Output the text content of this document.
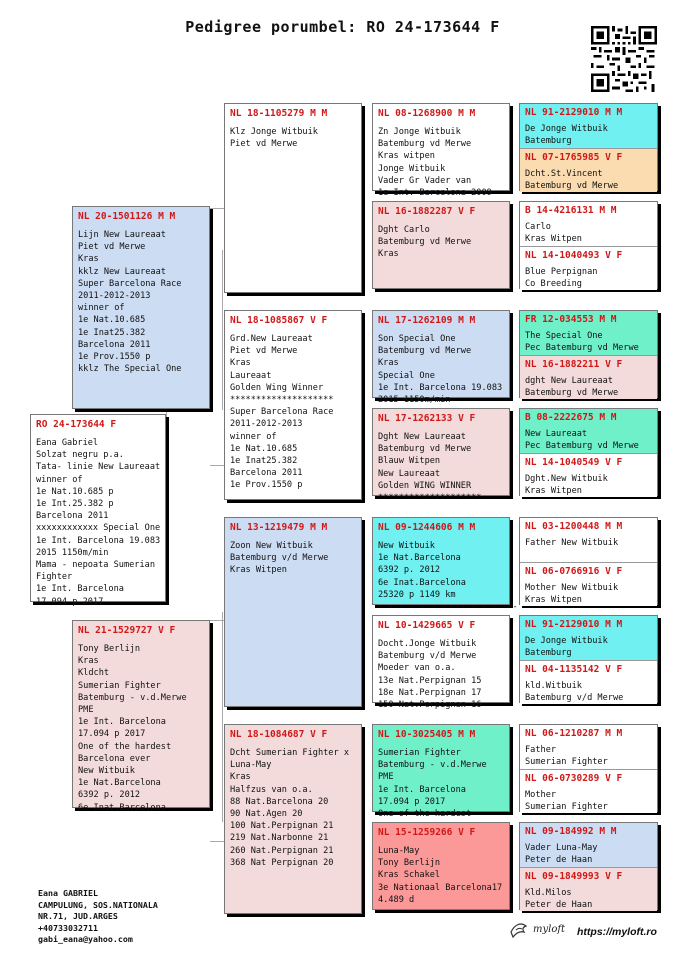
Pedigree porumbel: RO 24-173644 F
RO 24-173644 F
Eana Gabriel
Solzat negru p.a.
Tata- linie New Laureaat
winner of
1e Nat.10.685 p
1e Int.25.382 p
Barcelona 2011
xxxxxxxxxxxx Special One
1e Int. Barcelona 19.083
2015 1150m/min
Mama - nepoata Sumerian
Fighter
1e Int. Barcelona
17.094 p 2017
NL 20-1501126 M M
Lijn New Laureaat
Piet vd Merwe
Kras
kklz New Laureaat
Super Barcelona Race
2011-2012-2013
winner of
1e Nat.10.685
1e Inat25.382
Barcelona 2011
1e Prov.1550 p
kklz The Special One
NL 21-1529727 V F
Tony Berlijn
Kras
Kldcht
Sumerian Fighter
Batemburg - v.d.Merwe
PME
1e Int. Barcelona
17.094 p 2017
One of the hardest
Barcelona ever
New Witbuik
1e Nat.Barcelona
6392 p. 2012
6e Inat.Barcelona
NL 18-1105279 M M
Klz Jonge Witbuik
Piet vd Merwe
NL 18-1085867 V F
Grd.New Laureaat
Piet vd Merwe
Kras
Laureaat
Golden Wing Winner
********************
Super Barcelona Race
2011-2012-2013
winner of
1e Nat.10.685
1e Inat25.382
Barcelona 2011
1e Prov.1550 p
NL 13-1219479 M M
Zoon New Witbuik
Batemburg v/d Merwe
Kras Witpen
NL 18-1084687 V F
Dcht Sumerian Fighter x
Luna-May
Kras
Halfzus van o.a.
88 Nat.Barcelona 20
90 Nat.Agen 20
100 Nat.Perpignan 21
219 Nat.Narbonne 21
260 Nat.Perpignan 21
368 Nat Perpignan 20
NL 08-1268900 M M
Zn Jonge Witbuik
Batemburg vd Merwe
Kras witpen
Jonge Witbuik
Vader Gr Vader van
1e Int. Barcelona 2009
NL 16-1882287 V F
Dght Carlo
Batemburg vd Merwe
Kras
NL 17-1262109 M M
Son Special One
Batemburg vd Merwe
Kras
Special One
1e Int. Barcelona 19.083
2015 1150m/min
NL 17-1262133 V F
Dght New Laureaat
Batemburg vd Merwe
Blauw Witpen
New Laureaat
Golden WING WINNER
********************
NL 09-1244606 M M
New Witbuik
1e Nat.Barcelona
6392 p. 2012
6e Inat.Barcelona
25320 p 1149 km
- - - - - - - - - - - - - -
NL 10-1429665 V F
Docht.Jonge Witbuik
Batemburg v/d Merwe
Moeder van o.a.
13e Nat.Perpignan 15
18e Nat.Perpignan 17
150 Nat.Perpignan 16
NL 10-3025405 M M
Sumerian Fighter
Batemburg - v.d.Merwe
PME
1e Int. Barcelona
17.094 p 2017
One of the hardest
NL 15-1259266 V F
Luna-May
Tony Berlijn
Kras Schakel
3e Nationaal Barcelona17
4.489 d
NL 91-2129010 M M
De Jonge Witbuik
Batemburg
NL 07-1765985 V F
Dcht.St.Vincent
Batemburg vd Merwe
B 14-4216131 M M
Carlo
Kras Witpen
NL 14-1040493 V F
Blue Perpignan
Co Breeding
FR 12-034553 M M
The Special One
Pec Batemburg vd Merwe
NL 16-1882211 V F
dght New Laureaat
Batemburg vd Merwe
B 08-2222675 M M
New Laureaat
Pec Batemburg vd Merwe
NL 14-1040549 V F
Dght.New Witbuik
Kras Witpen
NL 03-1200448 M M
Father New Witbuik
NL 06-0766916 V F
Mother New Witbuik
Kras Witpen
NL 91-2129010 M M
De Jonge Witbuik
Batemburg
NL 04-1135142 V F
kld.Witbuik
Batemburg v/d Merwe
NL 06-1210287 M M
Father
Sumerian Fighter
NL 06-0730289 V F
Mother
Sumerian Fighter
NL 09-184992 M M
Vader Luna-May
Peter de Haan
NL 09-1849993 V F
Kld.Milos
Peter de Haan
Eana GABRIEL
CAMPULUNG, SOS.NATIONALA
NR.71, JUD.ARGES
+40733032711
gabi_eana@yahoo.com
myloft https://myloft.ro
